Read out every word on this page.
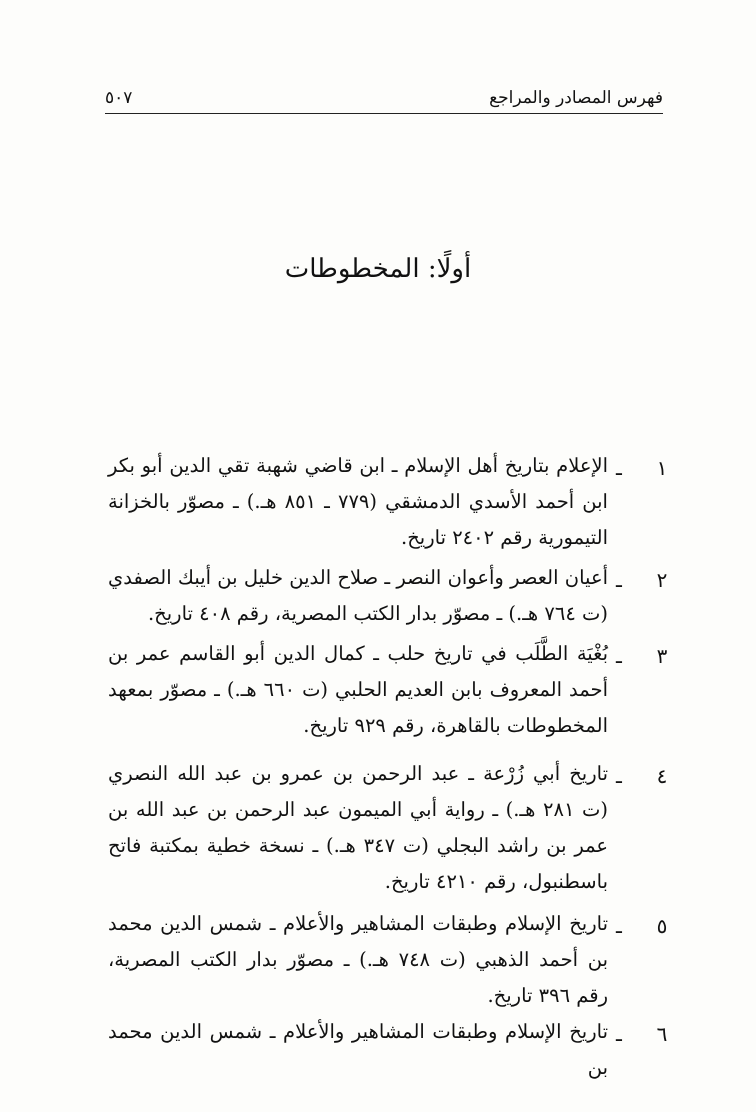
فهرس المصادر والمراجع
٥٠٧
أولًا: المخطوطات
١
ـ
الإعلام بتاريخ أهل الإسلام ـ ابن قاضي شهبة تقي الدين أبو بكر ابن أحمد الأسدي الدمشقي (٧٧٩ ـ ٨٥١ هـ.) ـ مصوّر بالخزانة التيمورية رقم ٢٤٠٢ تاريخ.
٢
ـ
أعيان العصر وأعوان النصر ـ صلاح الدين خليل بن أيبك الصفدي (ت ٧٦٤ هـ.) ـ مصوّر بدار الكتب المصرية، رقم ٤٠٨ تاريخ.
٣
ـ
بُغْيَة الطَّلَب في تاريخ حلب ـ كمال الدين أبو القاسم عمر بن أحمد المعروف بابن العديم الحلبي (ت ٦٦٠ هـ.) ـ مصوّر بمعهد المخطوطات بالقاهرة، رقم ٩٢٩ تاريخ.
٤
ـ
تاريخ أبي زُرْعة ـ عبد الرحمن بن عمرو بن عبد الله النصري (ت ٢٨١ هـ.) ـ رواية أبي الميمون عبد الرحمن بن عبد الله بن عمر بن راشد البجلي (ت ٣٤٧ هـ.) ـ نسخة خطية بمكتبة فاتح باسطنبول، رقم ٤٢١٠ تاريخ.
٥
ـ
تاريخ الإسلام وطبقات المشاهير والأعلام ـ شمس الدين محمد بن أحمد الذهبي (ت ٧٤٨ هـ.) ـ مصوّر بدار الكتب المصرية، رقم ٣٩٦ تاريخ.
٦
ـ
تاريخ الإسلام وطبقات المشاهير والأعلام ـ شمس الدين محمد بن
